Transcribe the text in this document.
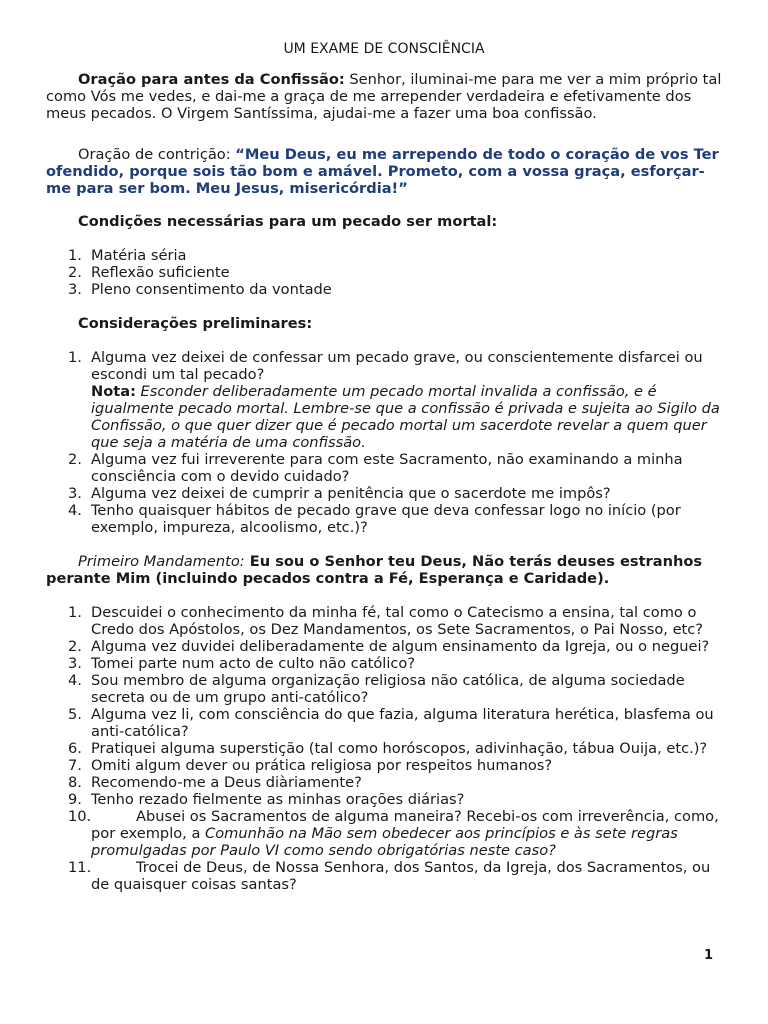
UM EXAME DE CONSCIÊNCIA

Oração para antes da Confissão: Senhor, iluminai-me para me ver a mim próprio tal como Vós me vedes, e dai-me a graça de me arrepender verdadeira e efetivamente dos meus pecados. O Virgem Santíssima, ajudai-me a fazer uma boa confissão.

Oração de contrição: “Meu Deus, eu me arrependo de todo o coração de vos Ter ofendido, porque sois tão bom e amável. Prometo, com a vossa graça, esforçar-me para ser bom. Meu Jesus, misericórdia!”

Condições necessárias para um pecado ser mortal:

1. Matéria séria
2. Reflexão suficiente
3. Pleno consentimento da vontade

Considerações preliminares:

1. Alguma vez deixei de confessar um pecado grave, ou conscientemente disfarcei ou escondi um tal pecado?
Nota: Esconder deliberadamente um pecado mortal invalida a confissão, e é igualmente pecado mortal. Lembre-se que a confissão é privada e sujeita ao Sigilo da Confissão, o que quer dizer que é pecado mortal um sacerdote revelar a quem quer que seja a matéria de uma confissão.
2. Alguma vez fui irreverente para com este Sacramento, não examinando a minha consciência com o devido cuidado?
3. Alguma vez deixei de cumprir a penitência que o sacerdote me impôs?
4. Tenho quaisquer hábitos de pecado grave que deva confessar logo no início (por exemplo, impureza, alcoolismo, etc.)?

Primeiro Mandamento: Eu sou o Senhor teu Deus, Não terás deuses estranhos perante Mim (incluindo pecados contra a Fé, Esperança e Caridade).

1. Descuidei o conhecimento da minha fé, tal como o Catecismo a ensina, tal como o Credo dos Apóstolos, os Dez Mandamentos, os Sete Sacramentos, o Pai Nosso, etc?
2. Alguma vez duvidei deliberadamente de algum ensinamento da Igreja, ou o neguei?
3. Tomei parte num acto de culto não católico?
4. Sou membro de alguma organização religiosa não católica, de alguma sociedade secreta ou de um grupo anti-católico?
5. Alguma vez li, com consciência do que fazia, alguma literatura herética, blasfema ou anti-católica?
6. Pratiquei alguma superstição (tal como horóscopos, adivinhação, tábua Ouija, etc.)?
7. Omiti algum dever ou prática religiosa por respeitos humanos?
8. Recomendo-me a Deus diàriamente?
9. Tenho rezado fielmente as minhas orações diárias?
10.	Abusei os Sacramentos de alguma maneira? Recebi-os com irreverência, como, por exemplo, a Comunhão na Mão sem obedecer aos princípios e às sete regras promulgadas por Paulo VI como sendo obrigatórias neste caso?
11.	Trocei de Deus, de Nossa Senhora, dos Santos, da Igreja, dos Sacramentos, ou de quaisquer coisas santas?
1
